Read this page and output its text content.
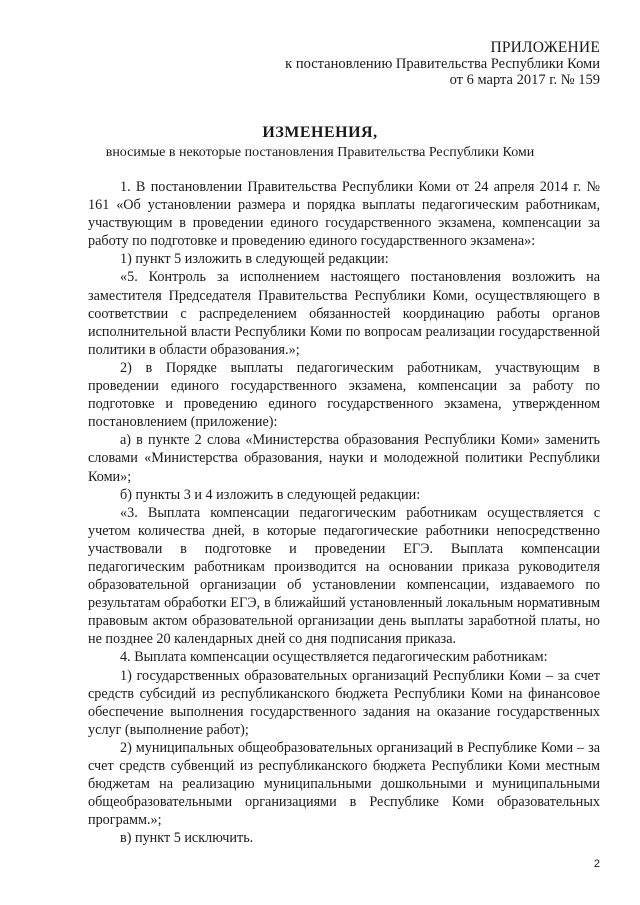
ПРИЛОЖЕНИЕ
к постановлению Правительства Республики Коми
от 6 марта 2017 г. № 159
ИЗМЕНЕНИЯ,
вносимые в некоторые постановления Правительства Республики Коми

1. В постановлении Правительства Республики Коми от 24 апреля 2014 г. № 161 «Об установлении размера и порядка выплаты педагогическим работникам, участвующим в проведении единого государственного экзамена, компенсации за работу по подготовке и проведению единого государственного экзамена»:

1) пункт 5 изложить в следующей редакции:

«5. Контроль за исполнением настоящего постановления возложить на заместителя Председателя Правительства Республики Коми, осуществляющего в соответствии с распределением обязанностей координацию работы органов исполнительной власти Республики Коми по вопросам реализации государственной политики в области образования.»;

2) в Порядке выплаты педагогическим работникам, участвующим в проведении единого государственного экзамена, компенсации за работу по подготовке и проведению единого государственного экзамена, утвержденном постановлением (приложение):

а) в пункте 2 слова «Министерства образования Республики Коми» заменить словами «Министерства образования, науки и молодежной политики Республики Коми»;

б) пункты 3 и 4 изложить в следующей редакции:

«3. Выплата компенсации педагогическим работникам осуществляется с учетом количества дней, в которые педагогические работники непосредственно участвовали в подготовке и проведении ЕГЭ. Выплата компенсации педагогическим работникам производится на основании приказа руководителя образовательной организации об установлении компенсации, издаваемого по результатам обработки ЕГЭ, в ближайший установленный локальным нормативным правовым актом образовательной организации день выплаты заработной платы, но не позднее 20 календарных дней со дня подписания приказа.

4. Выплата компенсации осуществляется педагогическим работникам:

1) государственных образовательных организаций Республики Коми – за счет средств субсидий из республиканского бюджета Республики Коми на финансовое обеспечение выполнения государственного задания на оказание государственных услуг (выполнение работ);

2) муниципальных общеобразовательных организаций в Республике Коми – за счет средств субвенций из республиканского бюджета Республики Коми местным бюджетам на реализацию муниципальными дошкольными и муниципальными общеобразовательными организациями в Республике Коми образовательных программ.»;

в) пункт 5 исключить.

2
